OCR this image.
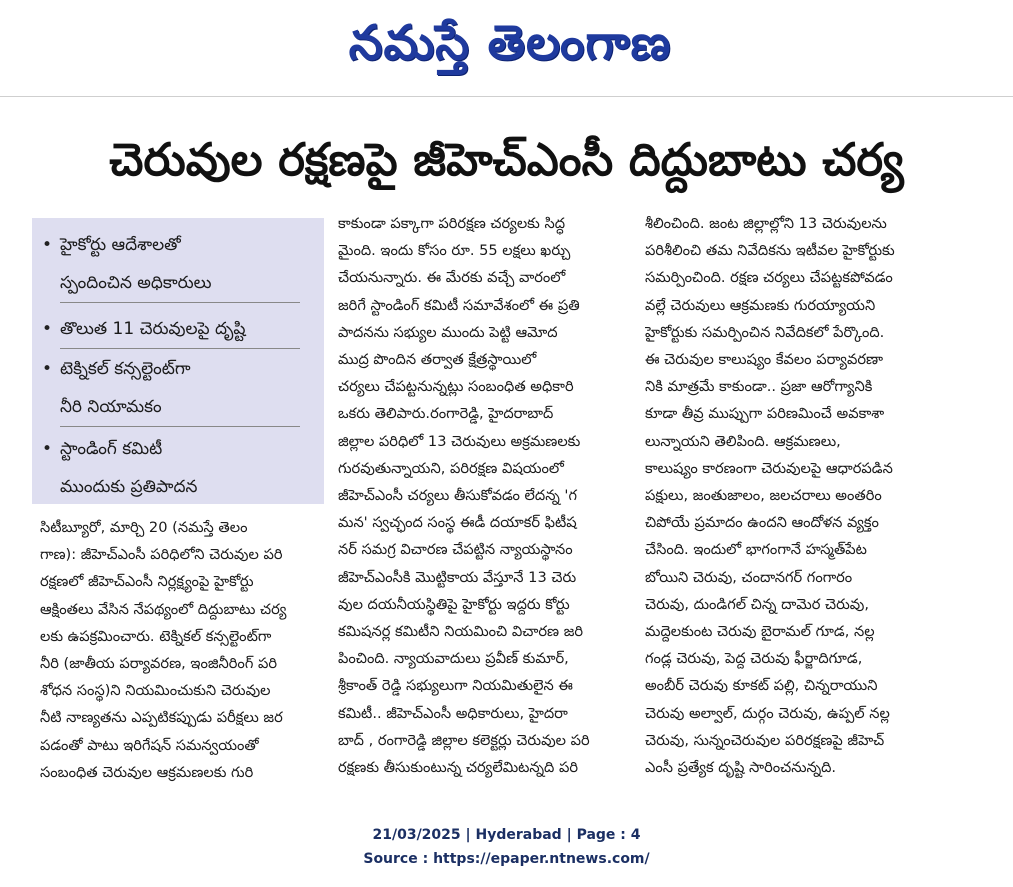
నమస్తే తెలంగాణ
చెరువుల రక్షణపై జీహెచ్‌ఎంసీ దిద్దుబాటు చర్య
• హైకోర్టు ఆదేశాలతో
స్పందించిన అధికారులు
• తొలుత 11 చెరువులపై దృష్టి
• టెక్నికల్ కన్సల్టెంట్‌గా
నీరి నియామకం
• స్టాండింగ్ కమిటీ
ముందుకు ప్రతిపాదన
సిటీబ్యూరో, మార్చి 20 (నమస్తే తెలం
గాణ): జీహెచ్‌ఎంసీ పరిధిలోని చెరువుల పరి
రక్షణలో జీహెచ్‌ఎంసీ నిర్లక్ష్యంపై హైకోర్టు
ఆక్షింతలు వేసిన నేపథ్యంలో దిద్దుబాటు చర్య
లకు ఉపక్రమించారు. టెక్నికల్ కన్సల్టెంట్‌గా
నీరి (జాతీయ పర్యావరణ, ఇంజినీరింగ్ పరి
శోధన సంస్థ)ని నియమించుకుని చెరువుల
నీటి నాణ్యతను ఎప్పటికప్పుడు పరీక్షలు జర
పడంతో పాటు ఇరిగేషన్ సమన్వయంతో
సంబంధిత చెరువుల ఆక్రమణలకు గురి
కాకుండా పక్కాగా పరిరక్షణ చర్యలకు సిద్ధ
మైంది. ఇందు కోసం రూ. 55 లక్షలు ఖర్చు
చేయనున్నారు. ఈ మేరకు వచ్చే వారంలో
జరిగే స్టాండింగ్ కమిటీ సమావేశంలో ఈ ప్రతి
పాదనను సభ్యుల ముందు పెట్టి ఆమోద
ముద్ర పొందిన తర్వాత క్షేత్రస్థాయిలో
చర్యలు చేపట్టనున్నట్లు సంబంధిత అధికారి
ఒకరు తెలిపారు.రంగారెడ్డి, హైదరాబాద్
జిల్లాల పరిధిలో 13 చెరువులు అక్రమణలకు
గురవుతున్నాయని, పరిరక్షణ విషయంలో
జీహెచ్‌ఎంసీ చర్యలు తీసుకోవడం లేదన్న 'గ
మన' స్వచ్ఛంద సంస్థ ఈడీ దయాకర్ ఫిటీష
నర్ సమగ్ర విచారణ చేపట్టిన న్యాయస్థానం
జీహెచ్‌ఎంసీకి మొట్టికాయ వేస్తూనే 13 చెరు
వుల దయనీయస్థితిపై హైకోర్టు ఇద్దరు కోర్టు
కమిషనర్ల కమిటీని నియమించి విచారణ జరి
పించింది. న్యాయవాదులు ప్రవీణ్ కుమార్,
శ్రీకాంత్ రెడ్డి సభ్యులుగా నియమితులైన ఈ
కమిటీ.. జీహెచ్‌ఎంసీ అధికారులు, హైదరా
బాద్ , రంగారెడ్డి జిల్లాల కలెక్టర్లు చెరువుల పరి
రక్షణకు తీసుకుంటున్న చర్యలేమిటన్నది పరి
శీలించింది. జంట జిల్లాల్లోని 13 చెరువులను
పరిశీలించి తమ నివేదికను ఇటీవల హైకోర్టుకు
సమర్పించింది. రక్షణ చర్యలు చేపట్టకపోవడం
వల్లే చెరువులు ఆక్రమణకు గురయ్యాయని
హైకోర్టుకు సమర్పించిన నివేదికలో పేర్కొంది.
ఈ చెరువుల కాలుష్యం కేవలం పర్యావరణా
నికి మాత్రమే కాకుండా.. ప్రజా ఆరోగ్యానికి
కూడా తీవ్ర ముప్పుగా పరిణమించే అవకాశా
లున్నాయని తెలిపింది. ఆక్రమణలు,
కాలుష్యం కారణంగా చెరువులపై ఆధారపడిన
పక్షులు, జంతుజాలం, జలచరాలు అంతరిం
చిపోయే ప్రమాదం ఉందని ఆందోళన వ్యక్తం
చేసింది. ఇందులో భాగంగానే హస్మత్‌పేట
బోయిని చెరువు, చందానగర్ గంగారం
చెరువు, దుండిగల్ చిన్న దామెర చెరువు,
మద్దెలకుంట చెరువు బైరామల్ గూడ, నల్ల
గండ్ల చెరువు, పెద్ద చెరువు ఫీర్జాదిగూడ,
అంబీర్ చెరువు కూకట్ పల్లి, చిన్నరాయుని
చెరువు అల్వాల్, దుర్గం చెరువు, ఉప్పల్ నల్ల
చెరువు, సున్నంచెరువుల పరిరక్షణపై జీహెచ్
ఎంసీ ప్రత్యేక దృష్టి సారించనున్నది.
21/03/2025 | Hyderabad | Page : 4
Source : https://epaper.ntnews.com/
